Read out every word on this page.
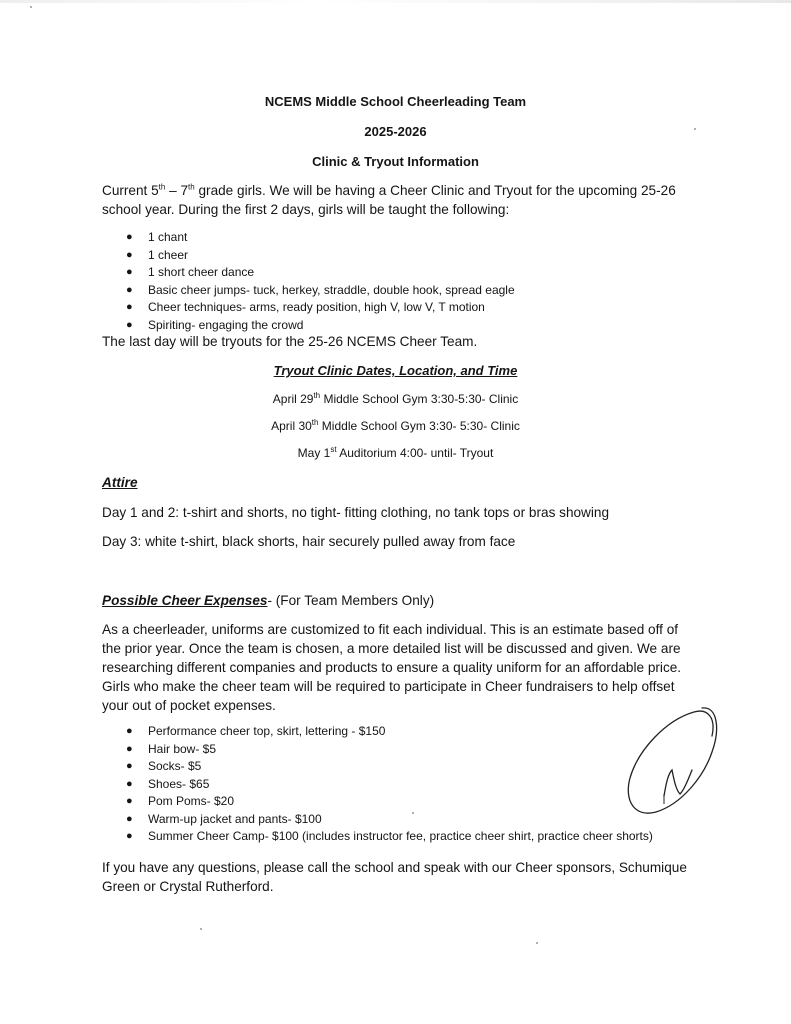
NCEMS Middle School Cheerleading Team
2025-2026
Clinic & Tryout Information
Current 5th – 7th grade girls. We will be having a Cheer Clinic and Tryout for the upcoming 25-26 school year. During the first 2 days, girls will be taught the following:
● 1 chant
● 1 cheer
● 1 short cheer dance
● Basic cheer jumps- tuck, herkey, straddle, double hook, spread eagle
● Cheer techniques- arms, ready position, high V, low V, T motion
● Spiriting- engaging the crowd
The last day will be tryouts for the 25-26 NCEMS Cheer Team.
Tryout Clinic Dates, Location, and Time
April 29th Middle School Gym 3:30-5:30- Clinic
April 30th Middle School Gym 3:30- 5:30- Clinic
May 1st Auditorium 4:00- until- Tryout
Attire
Day 1 and 2: t-shirt and shorts, no tight- fitting clothing, no tank tops or bras showing
Day 3: white t-shirt, black shorts, hair securely pulled away from face
Possible Cheer Expenses- (For Team Members Only)
As a cheerleader, uniforms are customized to fit each individual. This is an estimate based off of the prior year. Once the team is chosen, a more detailed list will be discussed and given. We are researching different companies and products to ensure a quality uniform for an affordable price. Girls who make the cheer team will be required to participate in Cheer fundraisers to help offset your out of pocket expenses.
● Performance cheer top, skirt, lettering - $150
● Hair bow- $5
● Socks- $5
● Shoes- $65
● Pom Poms- $20
● Warm-up jacket and pants- $100
● Summer Cheer Camp- $100 (includes instructor fee, practice cheer shirt, practice cheer shorts)
If you have any questions, please call the school and speak with our Cheer sponsors, Schumique Green or Crystal Rutherford.
